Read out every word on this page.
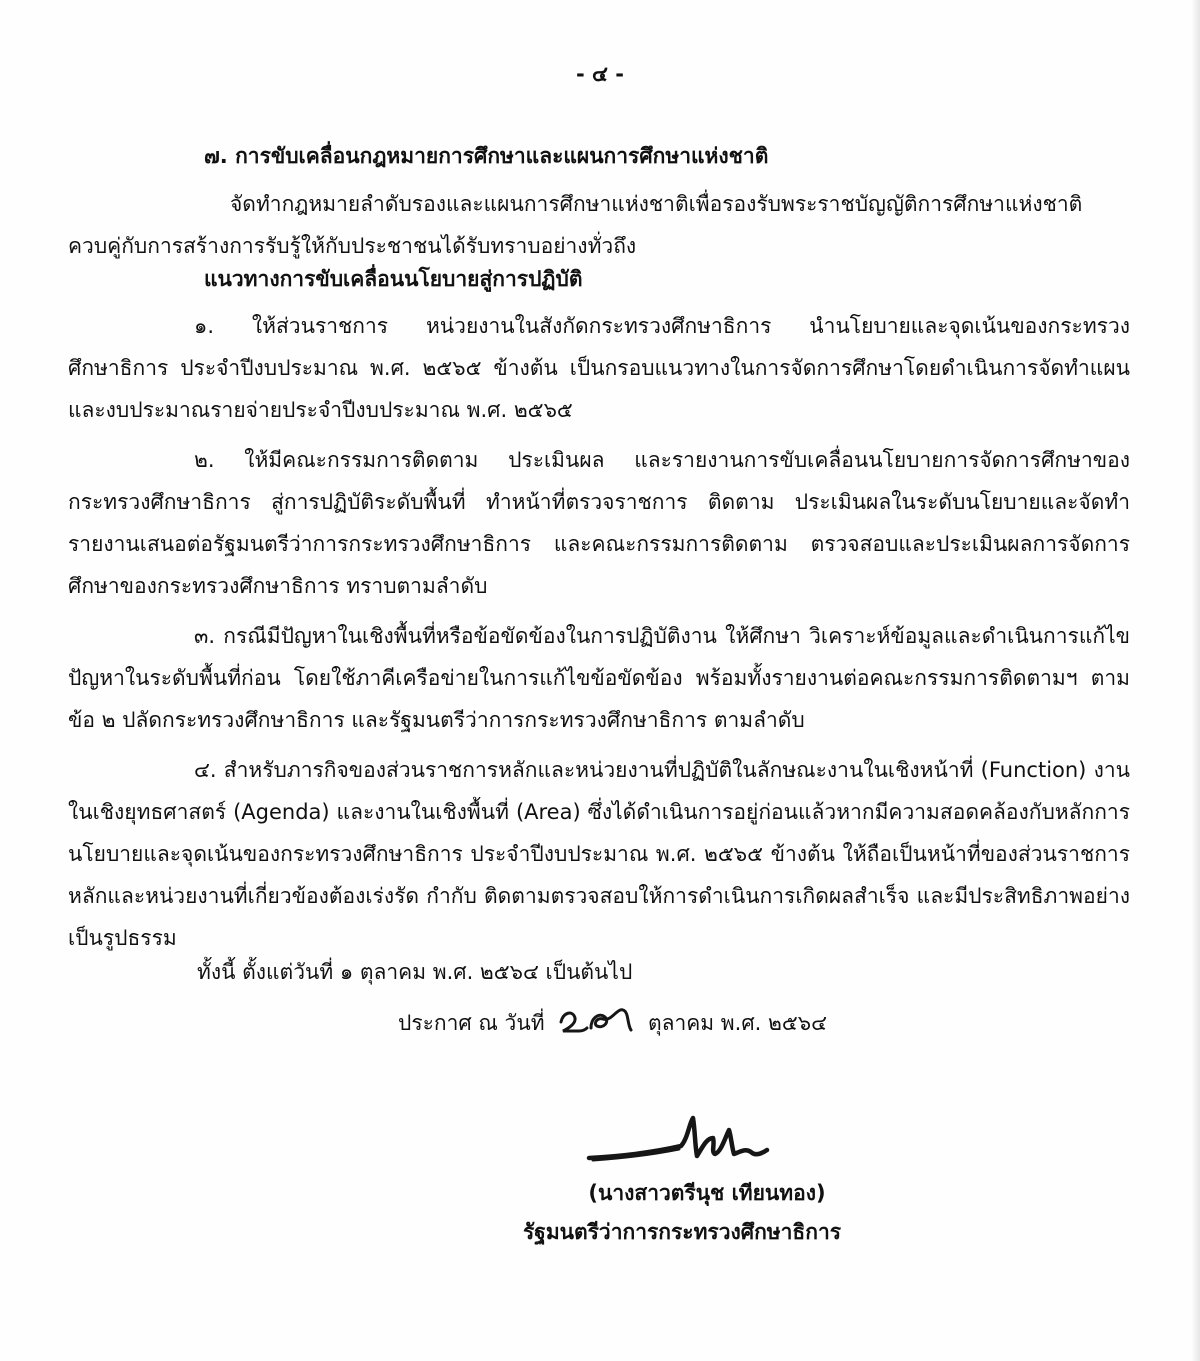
- ๔ -
๗. การขับเคลื่อนกฎหมายการศึกษาและแผนการศึกษาแห่งชาติ

จัดทำกฎหมายลำดับรองและแผนการศึกษาแห่งชาติเพื่อรองรับพระราชบัญญัติการศึกษาแห่งชาติควบคู่กับการสร้างการรับรู้ให้กับประชาชนได้รับทราบอย่างทั่วถึง

แนวทางการขับเคลื่อนนโยบายสู่การปฏิบัติ
๑. ให้ส่วนราชการ หน่วยงานในสังกัดกระทรวงศึกษาธิการ นำนโยบายและจุดเน้นของกระทรวงศึกษาธิการ ประจำปีงบประมาณ พ.ศ. ๒๕๖๕ ข้างต้น เป็นกรอบแนวทางในการจัดการศึกษาโดยดำเนินการจัดทำแผนและงบประมาณรายจ่ายประจำปีงบประมาณ พ.ศ. ๒๕๖๕
๒. ให้มีคณะกรรมการติดตาม ประเมินผล และรายงานการขับเคลื่อนนโยบายการจัดการศึกษาของกระทรวงศึกษาธิการ สู่การปฏิบัติระดับพื้นที่ ทำหน้าที่ตรวจราชการ ติดตาม ประเมินผลในระดับนโยบายและจัดทำรายงานเสนอต่อรัฐมนตรีว่าการกระทรวงศึกษาธิการ และคณะกรรมการติดตาม ตรวจสอบและประเมินผลการจัดการศึกษาของกระทรวงศึกษาธิการ ทราบตามลำดับ
๓. กรณีมีปัญหาในเชิงพื้นที่หรือข้อขัดข้องในการปฏิบัติงาน ให้ศึกษา วิเคราะห์ข้อมูลและดำเนินการแก้ไขปัญหาในระดับพื้นที่ก่อน โดยใช้ภาคีเครือข่ายในการแก้ไขข้อขัดข้อง พร้อมทั้งรายงานต่อคณะกรรมการติดตามฯ ตามข้อ ๒ ปลัดกระทรวงศึกษาธิการ และรัฐมนตรีว่าการกระทรวงศึกษาธิการ ตามลำดับ
๔. สำหรับภารกิจของส่วนราชการหลักและหน่วยงานที่ปฏิบัติในลักษณะงานในเชิงหน้าที่ (Function) งานในเชิงยุทธศาสตร์ (Agenda) และงานในเชิงพื้นที่ (Area) ซึ่งได้ดำเนินการอยู่ก่อนแล้วหากมีความสอดคล้องกับหลักการนโยบายและจุดเน้นของกระทรวงศึกษาธิการ ประจำปีงบประมาณ พ.ศ. ๒๕๖๕ ข้างต้น ให้ถือเป็นหน้าที่ของส่วนราชการหลักและหน่วยงานที่เกี่ยวข้องต้องเร่งรัด กำกับ ติดตามตรวจสอบให้การดำเนินการเกิดผลสำเร็จ และมีประสิทธิภาพอย่างเป็นรูปธรรม
ทั้งนี้ ตั้งแต่วันที่ ๑ ตุลาคม พ.ศ. ๒๕๖๔ เป็นต้นไป
ประกาศ ณ วันที่	ตุลาคม พ.ศ. ๒๕๖๔
(นางสาวตรีนุช เทียนทอง)
รัฐมนตรีว่าการกระทรวงศึกษาธิการ
